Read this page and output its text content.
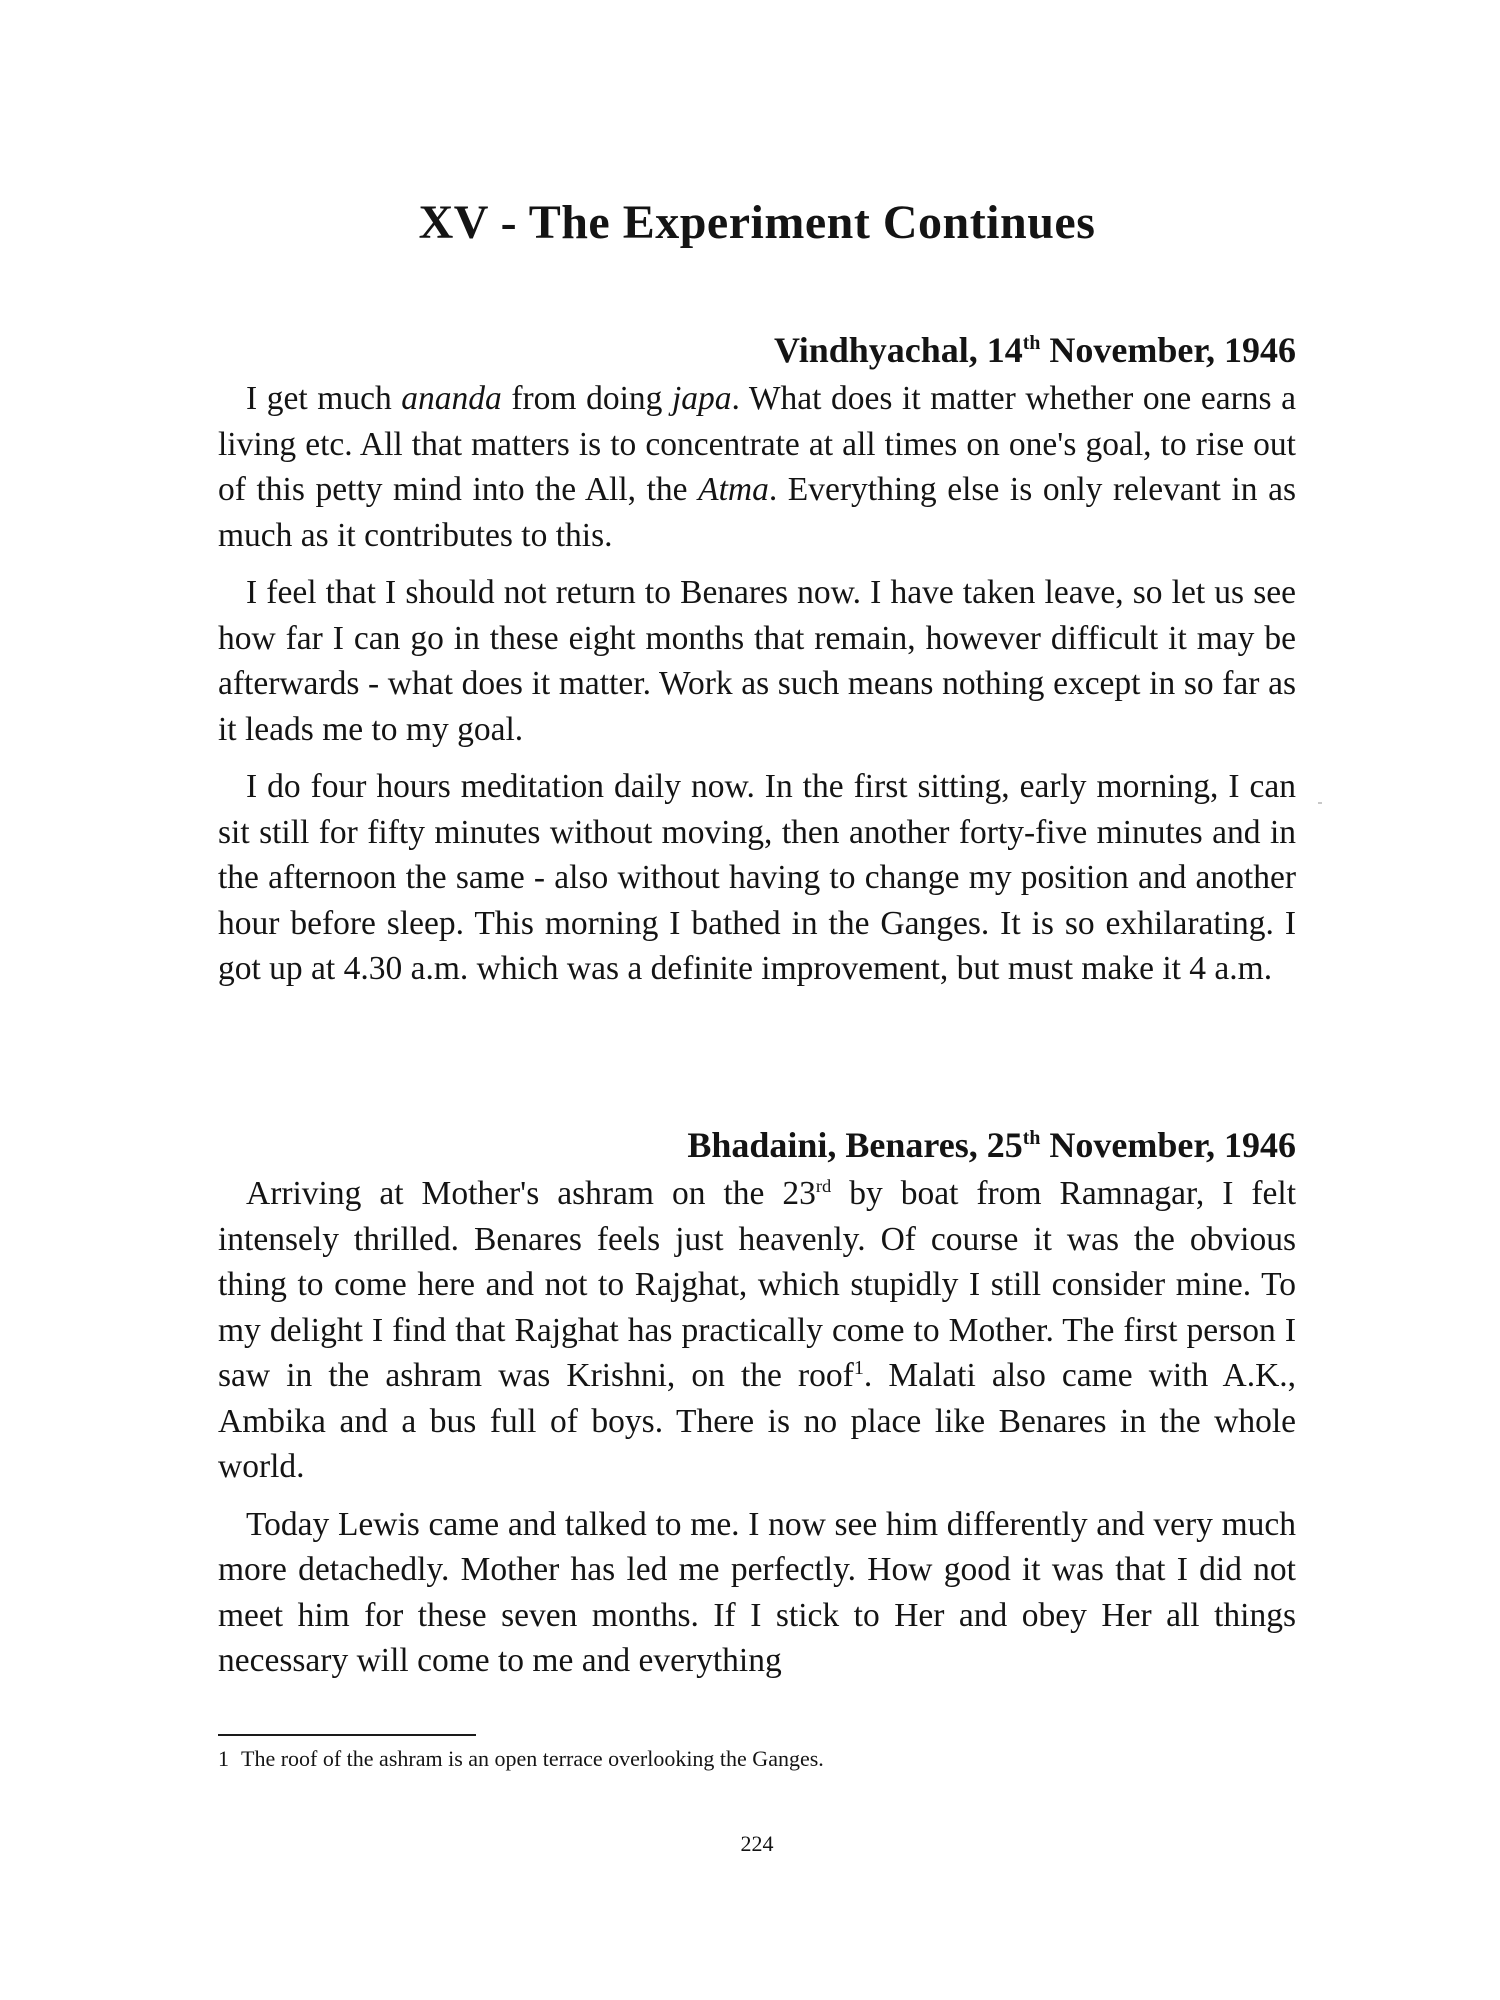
XV - The Experiment Continues
Vindhyachal, 14th November, 1946

I get much ananda from doing japa. What does it matter whether one earns a living etc. All that matters is to concentrate at all times on one's goal, to rise out of this petty mind into the All, the Atma. Everything else is only relevant in as much as it contributes to this.

I feel that I should not return to Benares now. I have taken leave, so let us see how far I can go in these eight months that remain, however difficult it may be afterwards - what does it matter. Work as such means nothing except in so far as it leads me to my goal.

I do four hours meditation daily now. In the first sitting, early morning, I can sit still for fifty minutes without moving, then another forty-five minutes and in the afternoon the same - also without having to change my position and another hour before sleep. This morning I bathed in the Ganges. It is so exhilarating. I got up at 4.30 a.m. which was a definite improvement, but must make it 4 a.m.

Bhadaini, Benares, 25th November, 1946

Arriving at Mother's ashram on the 23rd by boat from Ramnagar, I felt intensely thrilled. Benares feels just heavenly. Of course it was the obvious thing to come here and not to Rajghat, which stupidly I still consider mine. To my delight I find that Rajghat has practically come to Mother. The first person I saw in the ashram was Krishni, on the roof$^1$. Malati also came with A.K., Ambika and a bus full of boys. There is no place like Benares in the whole world.

Today Lewis came and talked to me. I now see him differently and very much more detachedly. Mother has led me perfectly. How good it was that I did not meet him for these seven months. If I stick to Her and obey Her all things necessary will come to me and everything

1 The roof of the ashram is an open terrace overlooking the Ganges.

224
